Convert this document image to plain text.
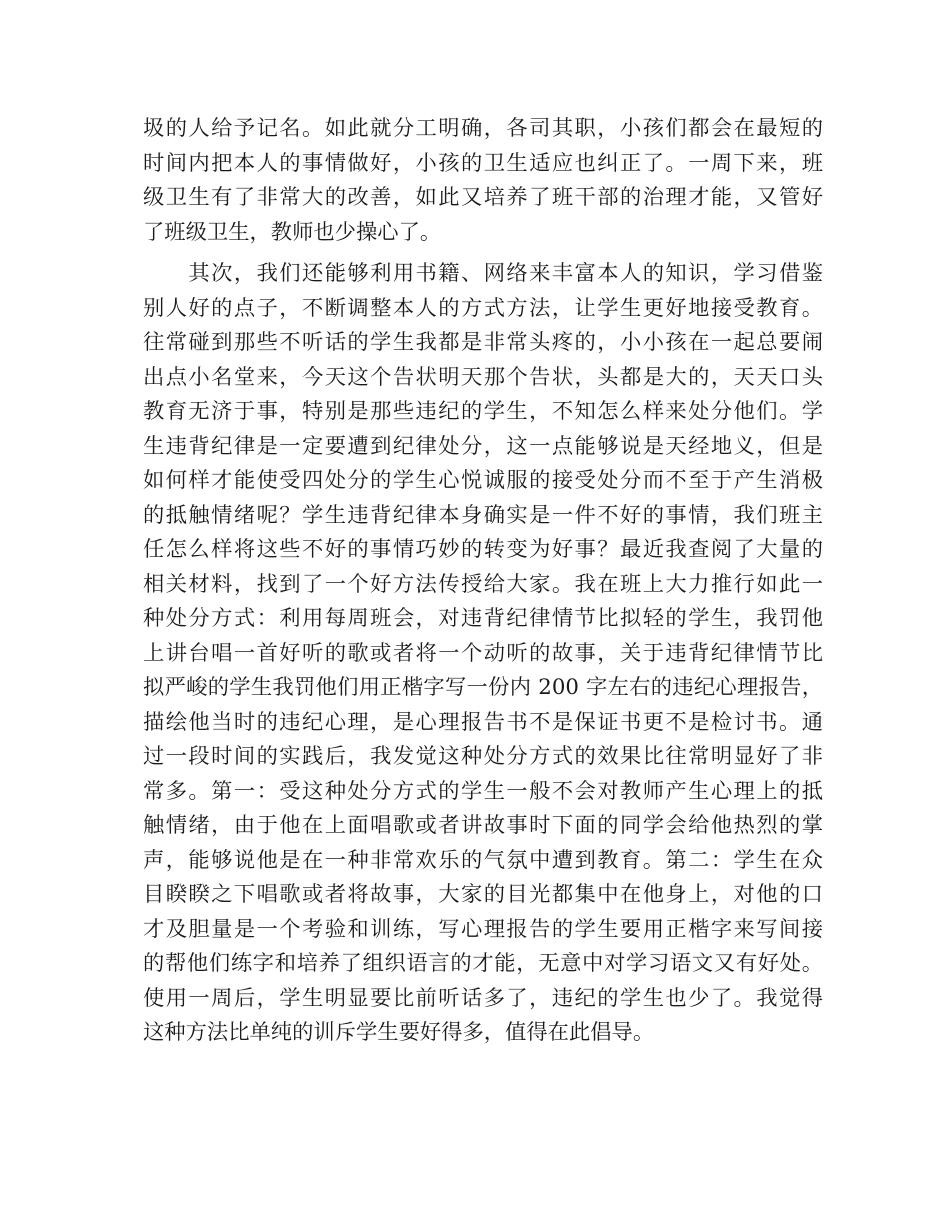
圾的人给予记名。如此就分工明确，各司其职，小孩们都会在最短的
时间内把本人的事情做好，小孩的卫生适应也纠正了。一周下来，班
级卫生有了非常大的改善，如此又培养了班干部的治理才能，又管好
了班级卫生，教师也少操心了。
　　其次，我们还能够利用书籍、网络来丰富本人的知识，学习借鉴
别人好的点子，不断调整本人的方式方法，让学生更好地接受教育。
往常碰到那些不听话的学生我都是非常头疼的，小小孩在一起总要闹
出点小名堂来，今天这个告状明天那个告状，头都是大的，天天口头
教育无济于事，特别是那些违纪的学生，不知怎么样来处分他们。学
生违背纪律是一定要遭到纪律处分，这一点能够说是天经地义，但是
如何样才能使受四处分的学生心悦诚服的接受处分而不至于产生消极
的抵触情绪呢？学生违背纪律本身确实是一件不好的事情，我们班主
任怎么样将这些不好的事情巧妙的转变为好事？最近我查阅了大量的
相关材料，找到了一个好方法传授给大家。我在班上大力推行如此一
种处分方式：利用每周班会，对违背纪律情节比拟轻的学生，我罚他
上讲台唱一首好听的歌或者将一个动听的故事，关于违背纪律情节比
拟严峻的学生我罚他们用正楷字写一份内 200 字左右的违纪心理报告，
描绘他当时的违纪心理，是心理报告书不是保证书更不是检讨书。通
过一段时间的实践后，我发觉这种处分方式的效果比往常明显好了非
常多。第一：受这种处分方式的学生一般不会对教师产生心理上的抵
触情绪，由于他在上面唱歌或者讲故事时下面的同学会给他热烈的掌
声，能够说他是在一种非常欢乐的气氛中遭到教育。第二：学生在众
目睽睽之下唱歌或者将故事，大家的目光都集中在他身上，对他的口
才及胆量是一个考验和训练，写心理报告的学生要用正楷字来写间接
的帮他们练字和培养了组织语言的才能，无意中对学习语文又有好处。
使用一周后，学生明显要比前听话多了，违纪的学生也少了。我觉得
这种方法比单纯的训斥学生要好得多，值得在此倡导。
